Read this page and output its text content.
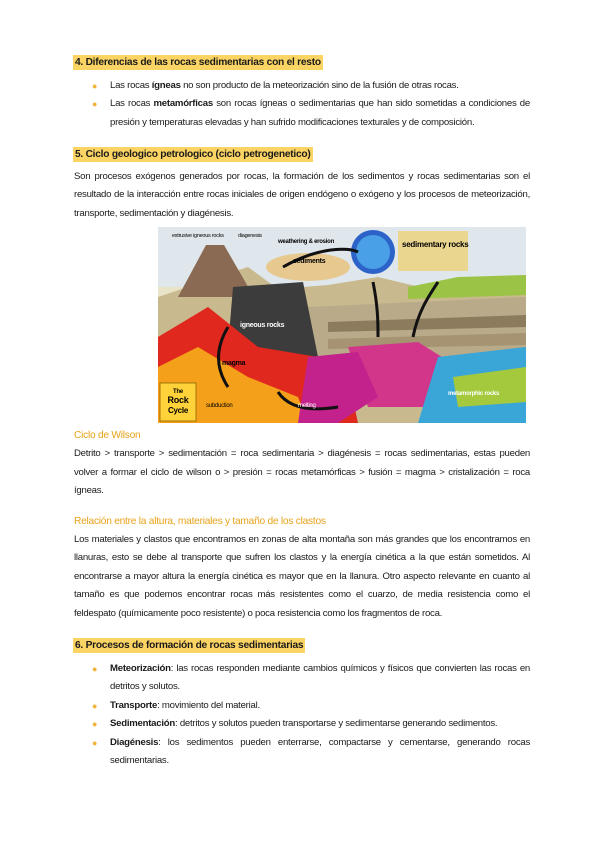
4. Diferencias de las rocas sedimentarias con el resto
● Las rocas ígneas no son producto de la meteorización sino de la fusión de otras rocas.
● Las rocas metamórficas son rocas ígneas o sedimentarias que han sido sometidas a condiciones de presión y temperaturas elevadas y han sufrido modificaciones texturales y de composición.
5. Ciclo geologico petrologico (ciclo petrogenetico)

Son procesos exógenos generados por rocas, la formación de los sedimentos y rocas sedimentarias son el resultado de la interacción entre rocas iniciales de origen endógeno o exógeno y los procesos de meteorización, transporte, sedimentación y diagénesis.

The
Rock
Cycle
extrusive igneous rocks	diagenesis
weathering & erosion
sediments
sedimentary rocks
igneous rocks
magma
metamorphic rocks
subduction	melting
Ciclo de Wilson

Detrito > transporte > sedimentación = roca sedimentaria > diagénesis = rocas sedimentarias, estas pueden volver a formar el ciclo de wilson o > presión = rocas metamórficas > fusión = magma > cristalización = roca ígneas.

Relación entre la altura, materiales y tamaño de los clastos

Los materiales y clastos que encontramos en zonas de alta montaña son más grandes que los encontramos en llanuras, esto se debe al transporte que sufren los clastos y la energía cinética a la que están sometidos. Al encontrarse a mayor altura la energía cinética es mayor que en la llanura. Otro aspecto relevante en cuanto al tamaño es que podemos encontrar rocas más resistentes como el cuarzo, de media resistencia como el feldespato (químicamente poco resistente) o poca resistencia como los fragmentos de roca.

6. Procesos de formación de rocas sedimentarias
● Meteorización: las rocas responden mediante cambios químicos y físicos que convierten las rocas en detritos y solutos.
● Transporte: movimiento del material.
● Sedimentación: detritos y solutos pueden transportarse y sedimentarse generando sedimentos.
● Diagénesis: los sedimentos pueden enterrarse, compactarse y cementarse, generando rocas sedimentarias.
